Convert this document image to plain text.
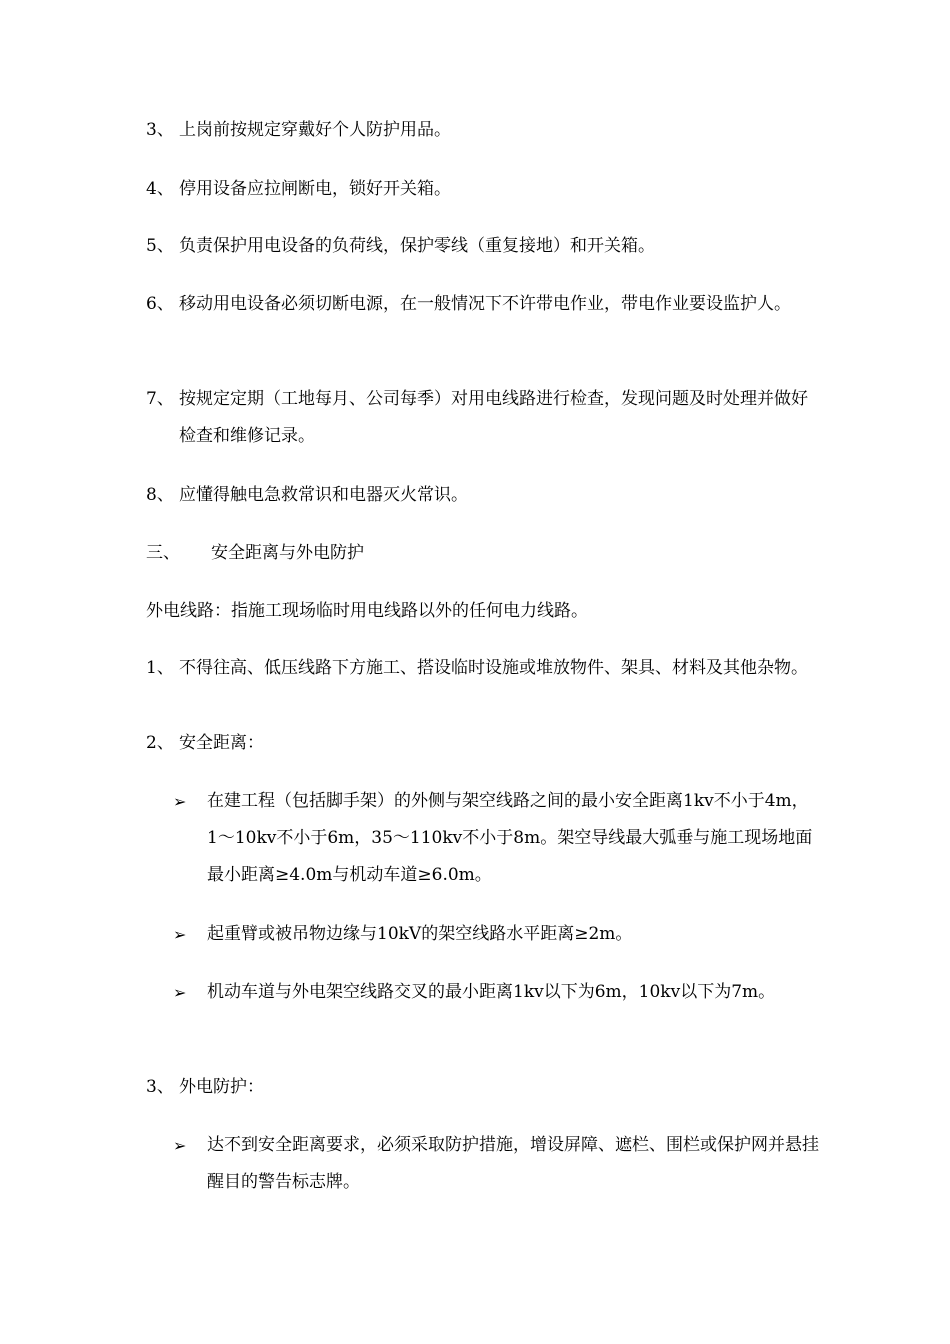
3、 上岗前按规定穿戴好个人防护用品。
4、 停用设备应拉闸断电，锁好开关箱。
5、 负责保护用电设备的负荷线，保护零线（重复接地）和开关箱。
6、 移动用电设备必须切断电源，在一般情况下不许带电作业，带电作业要设监护人。
7、 按规定定期（工地每月、公司每季）对用电线路进行检查，发现问题及时处理并做好检查和维修记录。
8、 应懂得触电急救常识和电器灭火常识。
三、 安全距离与外电防护
外电线路：指施工现场临时用电线路以外的任何电力线路。
1、 不得往高、低压线路下方施工、搭设临时设施或堆放物件、架具、材料及其他杂物。
2、 安全距离：
➢ 在建工程（包括脚手架）的外侧与架空线路之间的最小安全距离1kv不小于4m，1～10kv不小于6m，35～110kv不小于8m。架空导线最大弧垂与施工现场地面最小距离≥4.0m与机动车道≥6.0m。
➢ 起重臂或被吊物边缘与10kV的架空线路水平距离≥2m。
➢ 机动车道与外电架空线路交叉的最小距离1kv以下为6m，10kv以下为7m。
3、 外电防护：
➢ 达不到安全距离要求，必须采取防护措施，增设屏障、遮栏、围栏或保护网并悬挂醒目的警告标志牌。
